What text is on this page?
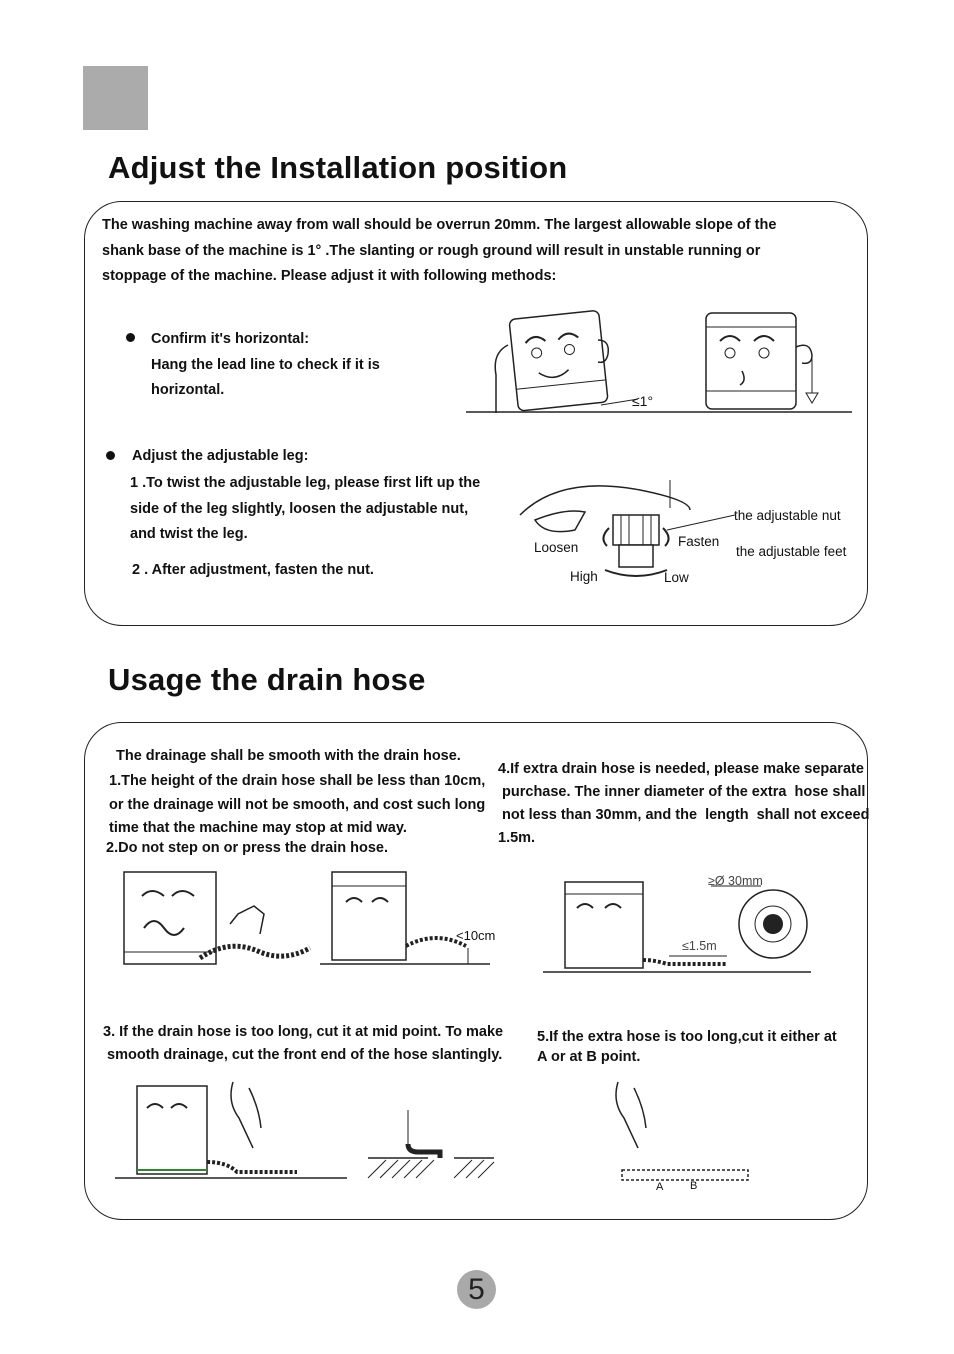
Adjust the Installation position

The washing machine away from wall should be overrun 20mm. The largest allowable slope of the

shank base of the machine is 1° .The slanting or rough ground will result in unstable running or

stoppage of the machine. Please adjust it with following methods:

Confirm it's horizontal:

Hang the lead line to check if it is

horizontal.

≤1°

Adjust the adjustable leg:

1 .To twist the adjustable leg, please first lift up the

side of the leg slightly, loosen the adjustable nut,

and twist the leg.

2 . After adjustment, fasten the nut.

the adjustable nut
the adjustable feet
Loosen	Fasten
High	Low
Usage the drain hose

The drainage shall be smooth with the drain hose.

1.The height of the drain hose shall be less than 10cm,

or the drainage will not be smooth, and cost such long

time that the machine may stop at mid way.

2.Do not step on or press the drain hose.

4.If extra drain hose is needed, please make separate

purchase. The inner diameter of the extra  hose shall

not less than 30mm, and the  length  shall not exceed

1.5m.

<10cm
≥Ø 30mm
≤1.5m

3. If the drain hose is too long, cut it at mid point. To make

smooth drainage, cut the front end of the hose slantingly.

5.If the extra hose is too long,cut it either at

A or at B point.

A B
5
